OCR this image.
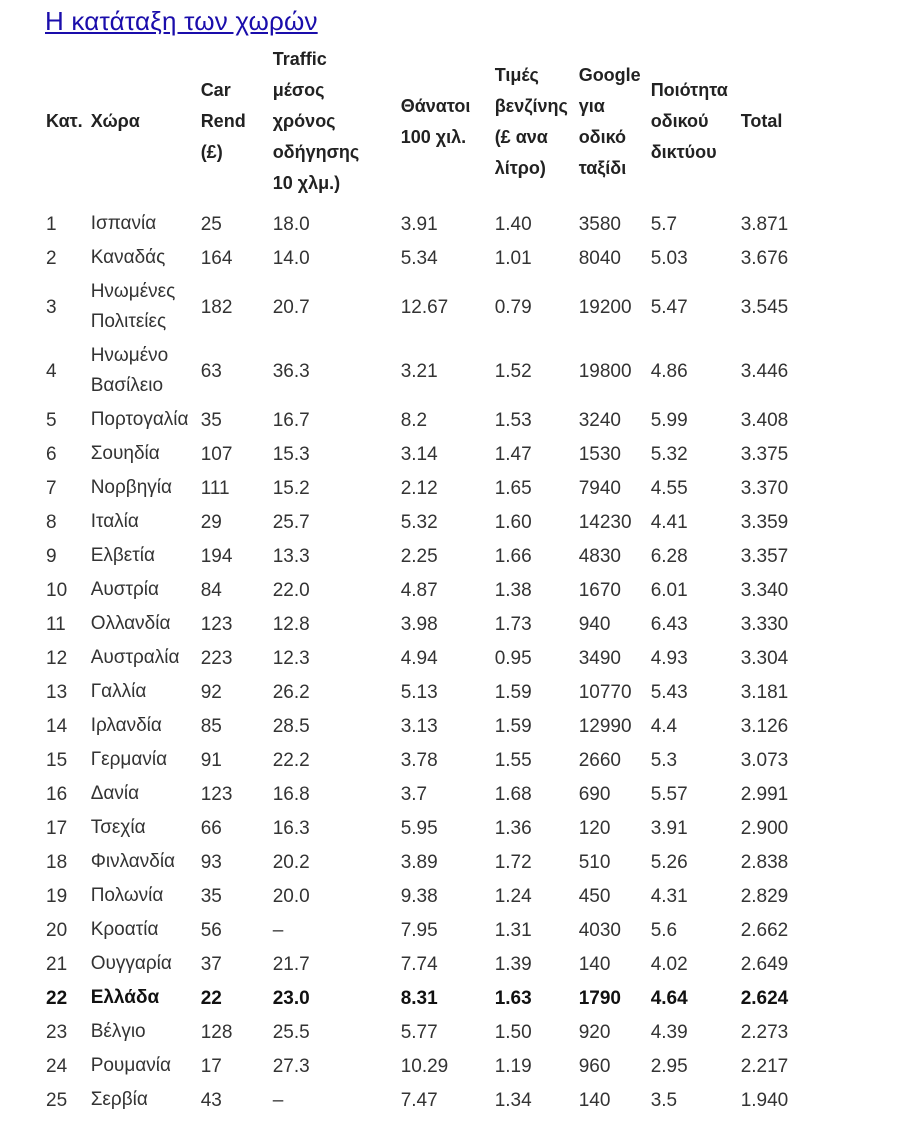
Η κατάταξη των χωρών
Κατ.	Χώρα	Car
Rend
(£)	Traffic
μέσος
χρόνος
οδήγησης
10 χλμ.)	Θάνατοι
100 χιλ.	Τιμές
βενζίνης
(£ ανα
λίτρο)	Google
για
οδικό
ταξίδι	Ποιότητα
οδικού
δικτύου	Total
1	Ισπανία	25	18.0	3.91	1.40	3580	5.7	3.871
2	Καναδάς	164	14.0	5.34	1.01	8040	5.03	3.676
3	Ηνωμένες
Πολιτείες	182	20.7	12.67	0.79	19200	5.47	3.545
4	Ηνωμένο
Βασίλειο	63	36.3	3.21	1.52	19800	4.86	3.446
5	Πορτογαλία	35	16.7	8.2	1.53	3240	5.99	3.408
6	Σουηδία	107	15.3	3.14	1.47	1530	5.32	3.375
7	Νορβηγία	111	15.2	2.12	1.65	7940	4.55	3.370
8	Ιταλία	29	25.7	5.32	1.60	14230	4.41	3.359
9	Ελβετία	194	13.3	2.25	1.66	4830	6.28	3.357
10	Αυστρία	84	22.0	4.87	1.38	1670	6.01	3.340
11	Ολλανδία	123	12.8	3.98	1.73	940	6.43	3.330
12	Αυστραλία	223	12.3	4.94	0.95	3490	4.93	3.304
13	Γαλλία	92	26.2	5.13	1.59	10770	5.43	3.181
14	Ιρλανδία	85	28.5	3.13	1.59	12990	4.4	3.126
15	Γερμανία	91	22.2	3.78	1.55	2660	5.3	3.073
16	Δανία	123	16.8	3.7	1.68	690	5.57	2.991
17	Τσεχία	66	16.3	5.95	1.36	120	3.91	2.900
18	Φινλανδία	93	20.2	3.89	1.72	510	5.26	2.838
19	Πολωνία	35	20.0	9.38	1.24	450	4.31	2.829
20	Κροατία	56	–	7.95	1.31	4030	5.6	2.662
21	Ουγγαρία	37	21.7	7.74	1.39	140	4.02	2.649
22	Ελλάδα	22	23.0	8.31	1.63	1790	4.64	2.624
23	Βέλγιο	128	25.5	5.77	1.50	920	4.39	2.273
24	Ρουμανία	17	27.3	10.29	1.19	960	2.95	2.217
25	Σερβία	43	–	7.47	1.34	140	3.5	1.940
